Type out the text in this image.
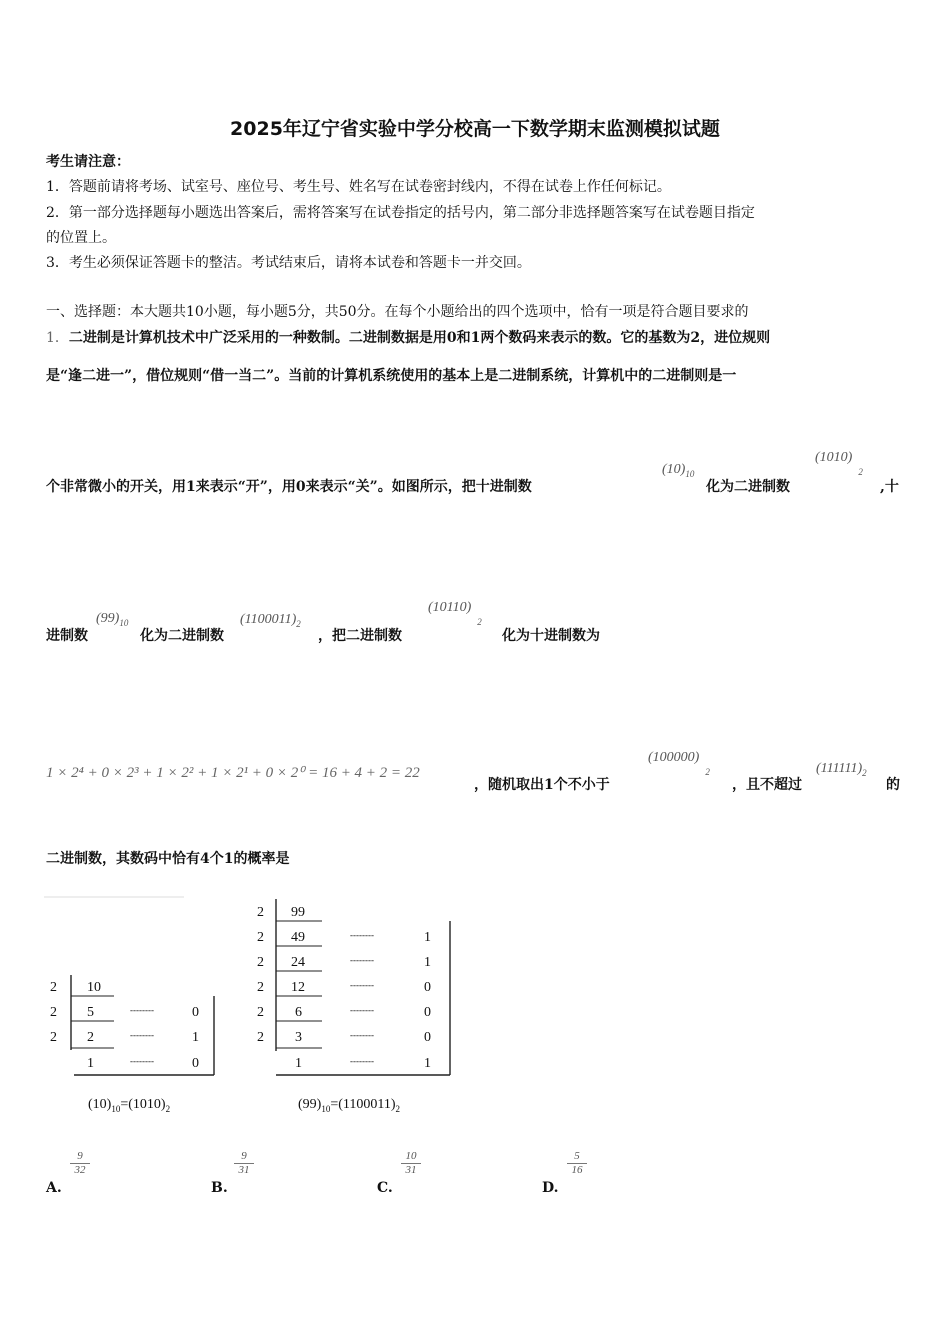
2025年辽宁省实验中学分校高一下数学期末监测模拟试题
考生请注意：
1．答题前请将考场、试室号、座位号、考生号、姓名写在试卷密封线内，不得在试卷上作任何标记。
2．第一部分选择题每小题选出答案后，需将答案写在试卷指定的括号内，第二部分非选择题答案写在试卷题目指定
的位置上。
3．考生必须保证答题卡的整洁。考试结束后，请将本试卷和答题卡一并交回。
一、选择题：本大题共10小题，每小题5分，共50分。在每个小题给出的四个选项中，恰有一项是符合题目要求的
1．二进制是计算机技术中广泛采用的一种数制。二进制数据是用0和1两个数码来表示的数。它的基数为2，进位规则
是“逢二进一”，借位规则“借一当二”。当前的计算机系统使用的基本上是二进制系统，计算机中的二进制则是一
个非常微小的开关，用1来表示“开”，用0来表示“关”。如图所示，把十进制数
$(10)_{10}$
化为二进制数
$(1010)_2$
,十
进制数
$(99)_{10}$
化为二进制数
$(1100011)_2$
，把二进制数
$(10110)_2$
化为十进制数为
1 × 2⁴ + 0 × 2³ + 1 × 2² + 1 × 2¹ + 0 × 2⁰ = 16 + 4 + 2 = 22
，随机取出1个不小于
$(100000)_2$
，且不超过
$(111111)_2$
的
二进制数，其数码中恰有4个1的概率是
2
2
2
10
5
2
1
--------
--------
--------
0
1
0
$(10)_{10}=(1010)_2$
2
2
2
2
2
2
99
49
24
12
6
3
1
--------
--------
--------
--------
--------
--------
1
1
0
0
0
1
$(99)_{10}=(1100011)_2$
A.
$\frac{9}{32}$
B.
$\frac{9}{31}$
C.
$\frac{10}{31}$
D.
$\frac{5}{16}$
